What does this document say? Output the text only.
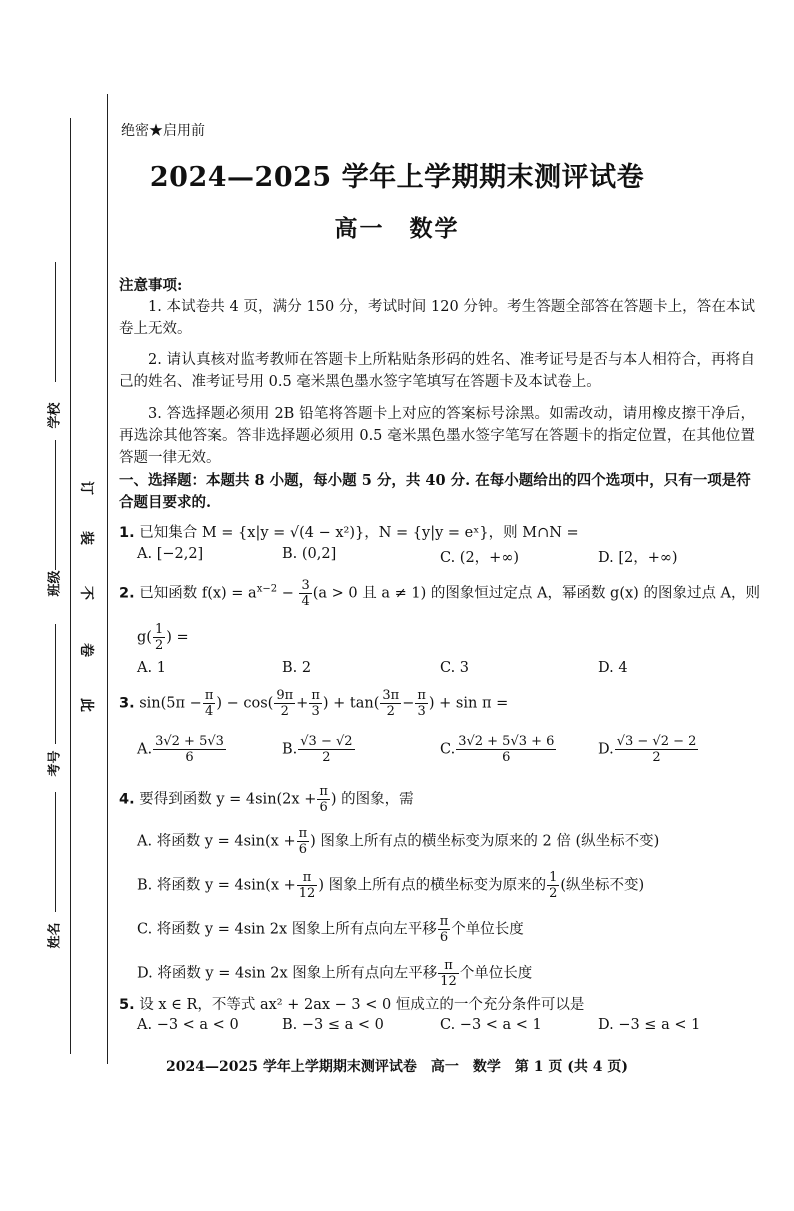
学校
班级
考号
姓名
订
装
不
卷
此
绝密★启用前
2024—2025 学年上学期期末测评试卷
高一　数学
注意事项:
1. 本试卷共 4 页，满分 150 分，考试时间 120 分钟。考生答题全部答在答题卡上，答在本试卷上无效。
2. 请认真核对监考教师在答题卡上所粘贴条形码的姓名、准考证号是否与本人相符合，再将自己的姓名、准考证号用 0.5 毫米黑色墨水签字笔填写在答题卡及本试卷上。
3. 答选择题必须用 2B 铅笔将答题卡上对应的答案标号涂黑。如需改动，请用橡皮擦干净后，再选涂其他答案。答非选择题必须用 0.5 毫米黑色墨水签字笔写在答题卡的指定位置，在其他位置答题一律无效。
一、选择题：本题共 8 小题，每小题 5 分，共 40 分. 在每小题给出的四个选项中，只有一项是符合题目要求的.
1. 已知集合 M = {x|y = √(4 − x²)}，N = {y|y = eˣ}，则 M∩N =
A. [−2,2]	B. (0,2]	C. (2，+∞)	D. [2，+∞)
2. 已知函数 $f(x) = a^{x-2} - \frac{3}{4} (a > 0$ 且 a ≠ 1) 的图象恒过定点 A，幂函数 g(x) 的图象过点 A，则
$g( \frac{1}{2}$ ) =
A. 1	B. 2	C. 3	D. 4
3. $\sin(5\pi - \frac{\pi}{4}$ ) − $\cos( \frac{9\pi}{2} + \frac{\pi}{3}$ ) + $\tan( \frac{3\pi}{2} - \frac{\pi}{3}$ ) + sin π =
A. $\frac{3√2 + 5√3}{6}$	B. $\frac{√3 - √2}{2}$	C. $\frac{3√2 + 5√3 + 6}{6}$	D. $\frac{√3 - √2 - 2}{2}$
4. 要得到函数 $y = 4\sin(2x + \frac{\pi}{6}$ ) 的图象，需
A. 将函数 $y = 4\sin(x + \frac{\pi}{6}$ ) 图象上所有点的横坐标变为原来的 2 倍 (纵坐标不变)
B. 将函数 $y = 4\sin(x + \frac{\pi}{12}$ ) 图象上所有点的横坐标变为原来的 $\frac{1}{2}$ (纵坐标不变)
C. 将函数 y = 4sin 2x 图象上所有点向左平移 $\frac{\pi}{6}$ 个单位长度
D. 将函数 y = 4sin 2x 图象上所有点向左平移 $\frac{\pi}{12}$ 个单位长度
5. 设 x ∈ R，不等式 ax² + 2ax − 3 < 0 恒成立的一个充分条件可以是
A. −3 < a < 0	B. −3 ≤ a < 0	C. −3 < a < 1	D. −3 ≤ a < 1
2024—2025 学年上学期期末测评试卷　高一　数学　第 1 页 (共 4 页)
